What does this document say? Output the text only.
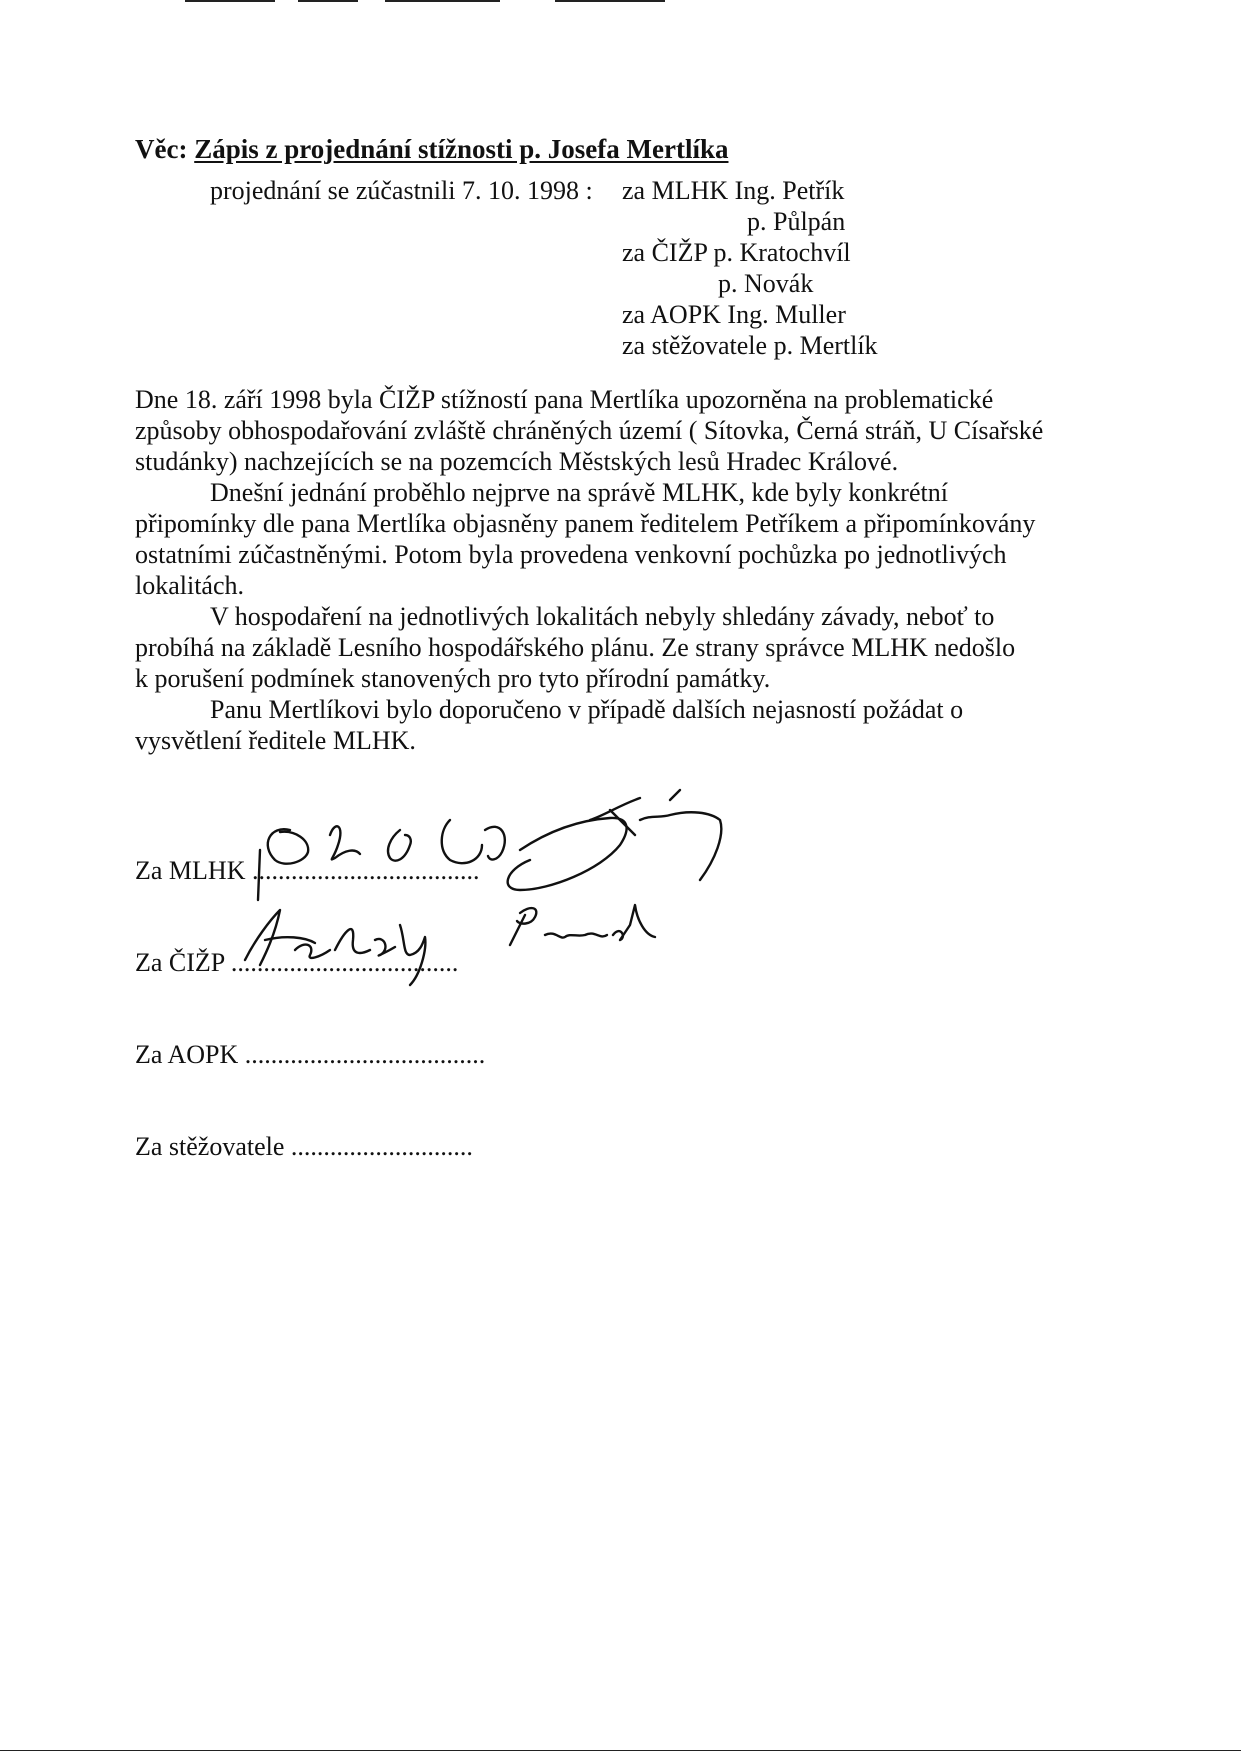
Věc: Zápis z projednání stížnosti p. Josefa Mertlíka
projednání se zúčastnili 7. 10. 1998 : za MLHK Ing. Petřík
p. Půlpán
za ČIŽP p. Kratochvíl
p. Novák
za AOPK Ing. Muller
za stěžovatele p. Mertlík
Dne 18. září 1998 byla ČIŽP stížností pana Mertlíka upozorněna na problematické
způsoby obhospodařování zvláště chráněných území ( Sítovka, Černá stráň, U Císařské
studánky) nachzejících se na pozemcích Městských lesů Hradec Králové.
Dnešní jednání proběhlo nejprve na správě MLHK, kde byly konkrétní
připomínky dle pana Mertlíka objasněny panem ředitelem Petříkem a připomínkovány
ostatními zúčastněnými. Potom byla provedena venkovní pochůzka po jednotlivých
lokalitách.
V hospodaření na jednotlivých lokalitách nebyly shledány závady, neboť to
probíhá na základě Lesního hospodářského plánu. Ze strany správce MLHK nedošlo
k porušení podmínek stanovených pro tyto přírodní památky.
Panu Mertlíkovi bylo doporučeno v případě dalších nejasností požádat o
vysvětlení ředitele MLHK.
Za MLHK ...................................
Za ČIŽP ...................................
Za AOPK .....................................
Za stěžovatele ............................
